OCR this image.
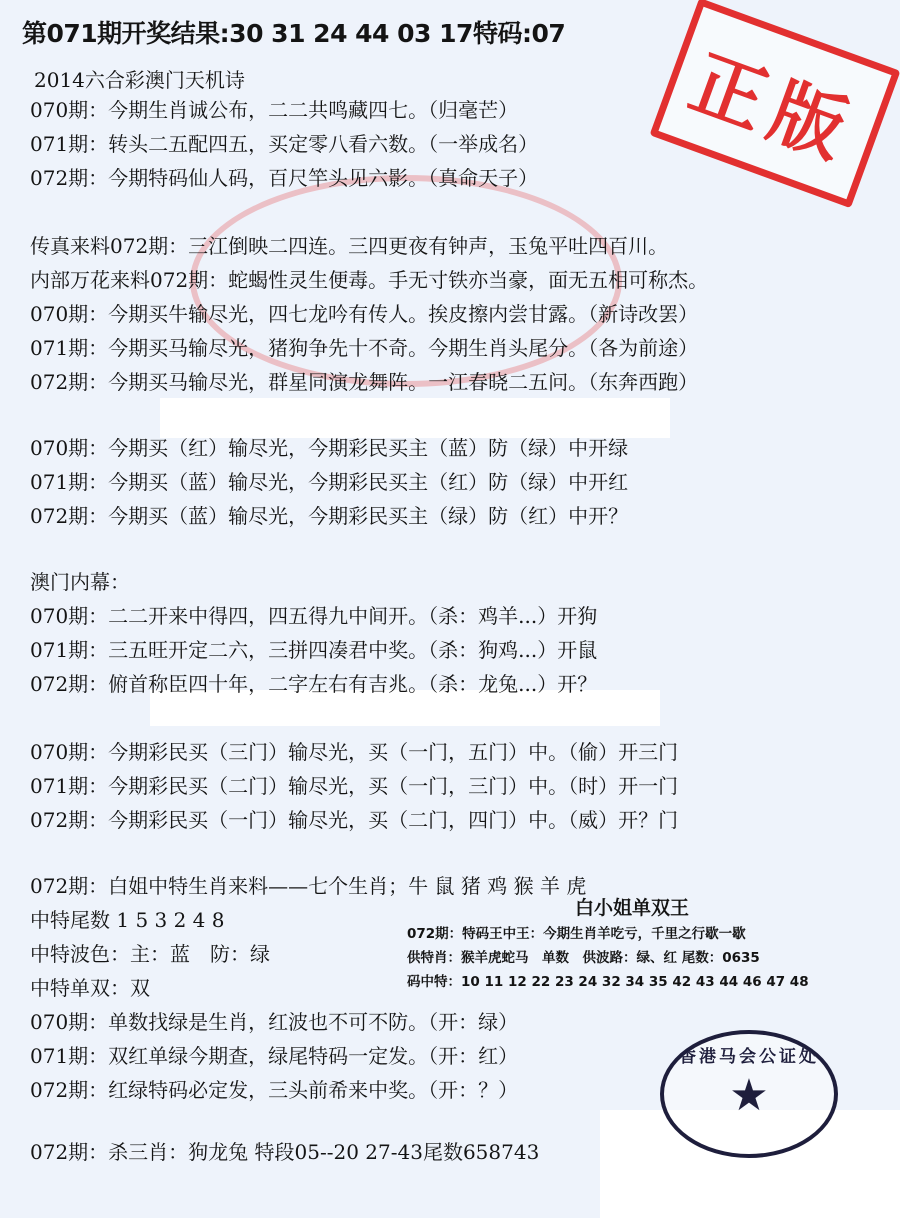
第071期开奖结果:30 31 24 44 03 17特码:07
正版
2014六合彩澳门天机诗
070期：今期生肖诚公布，二二共鸣藏四七。（归毫芒）
071期：转头二五配四五，买定零八看六数。（一举成名）
072期：今期特码仙人码，百尺竿头见六影。（真命天子）
传真来料072期：三江倒映二四连。三四更夜有钟声，玉兔平吐四百川。
内部万花来料072期：蛇蝎性灵生便毒。手无寸铁亦当豪，面无五相可称杰。
070期：今期买牛输尽光，四七龙吟有传人。挨皮擦内尝甘露。（新诗改罢）
071期：今期买马输尽光，猪狗争先十不奇。今期生肖头尾分。（各为前途）
072期：今期买马输尽光，群星同演龙舞阵。一江春晓二五问。（东奔西跑）
070期：今期买（红）输尽光，今期彩民买主（蓝）防（绿）中开绿
071期：今期买（蓝）输尽光，今期彩民买主（红）防（绿）中开红
072期：今期买（蓝）输尽光，今期彩民买主（绿）防（红）中开？
澳门内幕：
070期：二二开来中得四，四五得九中间开。（杀：鸡羊...）开狗
071期：三五旺开定二六，三拼四凑君中奖。（杀：狗鸡...）开鼠
072期：俯首称臣四十年，二字左右有吉兆。（杀：龙兔...）开？
070期：今期彩民买（三门）输尽光，买（一门，五门）中。（偷）开三门
071期：今期彩民买（二门）输尽光，买（一门，三门）中。（时）开一门
072期：今期彩民买（一门）输尽光，买（二门，四门）中。（威）开？门
072期：白姐中特生肖来料——七个生肖；牛 鼠 猪 鸡 猴 羊 虎
中特尾数 1 5 3 2 4 8
中特波色：主：蓝　防：绿
中特单双：双
070期：单数找绿是生肖，红波也不可不防。（开：绿）
071期：双红单绿今期查，绿尾特码一定发。（开：红）
072期：红绿特码必定发，三头前希来中奖。（开：？）
白小姐单双王
072期：特码王中王：今期生肖羊吃亏，千里之行歇一歇
供特肖：猴羊虎蛇马　单数　供波路：绿、红 尾数：0635
码中特：10 11 12 22 23 24 32 34 35 42 43 44 46 47 48
香港马会公证处
★
072期：杀三肖：狗龙兔 特段05--20 27-43尾数658743
